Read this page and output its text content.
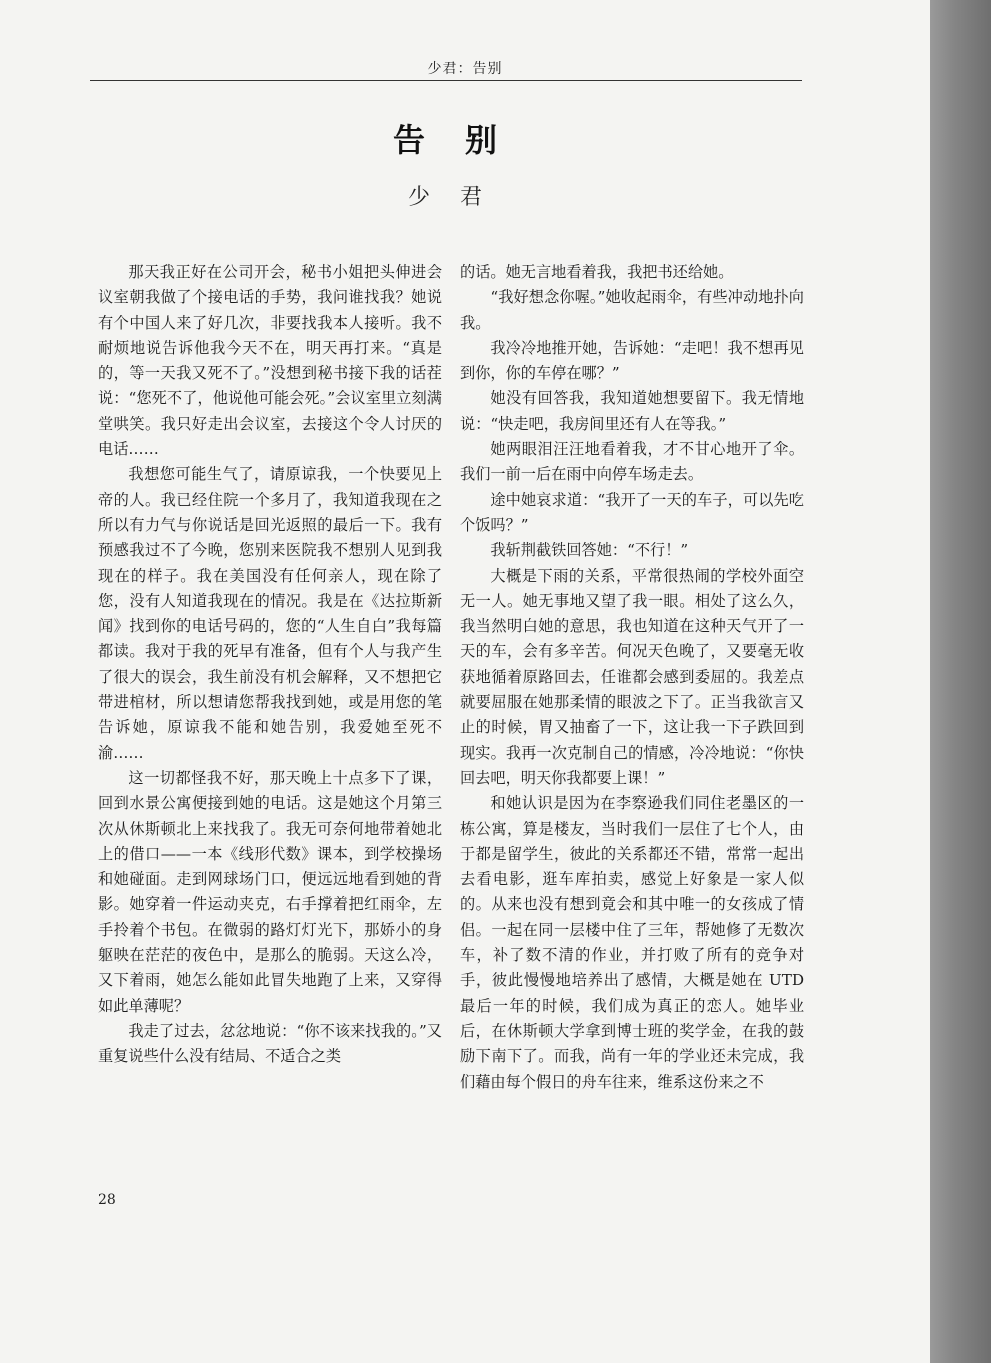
少君：告别
告别
少君

那天我正好在公司开会，秘书小姐把头伸进会议室朝我做了个接电话的手势，我问谁找我？她说有个中国人来了好几次，非要找我本人接听。我不耐烦地说告诉他我今天不在，明天再打来。“真是的，等一天我又死不了。”没想到秘书接下我的话茬说：“您死不了，他说他可能会死。”会议室里立刻满堂哄笑。我只好走出会议室，去接这个令人讨厌的电话……

我想您可能生气了，请原谅我，一个快要见上帝的人。我已经住院一个多月了，我知道我现在之所以有力气与你说话是回光返照的最后一下。我有预感我过不了今晚，您别来医院我不想别人见到我现在的样子。我在美国没有任何亲人，现在除了您，没有人知道我现在的情况。我是在《达拉斯新闻》找到你的电话号码的，您的“人生自白”我每篇都读。我对于我的死早有准备，但有个人与我产生了很大的误会，我生前没有机会解释，又不想把它带进棺材，所以想请您帮我找到她，或是用您的笔告诉她，原谅我不能和她告别，我爱她至死不渝……

这一切都怪我不好，那天晚上十点多下了课，回到水景公寓便接到她的电话。这是她这个月第三次从休斯顿北上来找我了。我无可奈何地带着她北上的借口——一本《线形代数》课本，到学校操场和她碰面。走到网球场门口，便远远地看到她的背影。她穿着一件运动夹克，右手撑着把红雨伞，左手拎着个书包。在微弱的路灯灯光下，那娇小的身躯映在茫茫的夜色中，是那么的脆弱。天这么冷，又下着雨，她怎么能如此冒失地跑了上来，又穿得如此单薄呢？

我走了过去，忿忿地说：“你不该来找我的。”又重复说些什么没有结局、不适合之类

的话。她无言地看着我，我把书还给她。

“我好想念你喔。”她收起雨伞，有些冲动地扑向我。

我冷冷地推开她，告诉她：“走吧！我不想再见到你，你的车停在哪？”

她没有回答我，我知道她想要留下。我无情地说：“快走吧，我房间里还有人在等我。”

她两眼泪汪汪地看着我，才不甘心地开了伞。我们一前一后在雨中向停车场走去。

途中她哀求道：“我开了一天的车子，可以先吃个饭吗？”

我斩荆截铁回答她：“不行！”

大概是下雨的关系，平常很热闹的学校外面空无一人。她无事地又望了我一眼。相处了这么久，我当然明白她的意思，我也知道在这种天气开了一天的车，会有多辛苦。何况天色晚了，又要毫无收获地循着原路回去，任谁都会感到委屈的。我差点就要屈服在她那柔情的眼波之下了。正当我欲言又止的时候，胃又抽畜了一下，这让我一下子跌回到现实。我再一次克制自己的情感，冷冷地说：“你快回去吧，明天你我都要上课！”

和她认识是因为在李察逊我们同住老墨区的一栋公寓，算是楼友，当时我们一层住了七个人，由于都是留学生，彼此的关系都还不错，常常一起出去看电影，逛车库拍卖，感觉上好象是一家人似的。从来也没有想到竟会和其中唯一的女孩成了情侣。一起在同一层楼中住了三年，帮她修了无数次车，补了数不清的作业，并打败了所有的竞争对手，彼此慢慢地培养出了感情，大概是她在 UTD 最后一年的时候，我们成为真正的恋人。她毕业后，在休斯顿大学拿到博士班的奖学金，在我的鼓励下南下了。而我，尚有一年的学业还未完成，我们藉由每个假日的舟车往来，维系这份来之不

28
